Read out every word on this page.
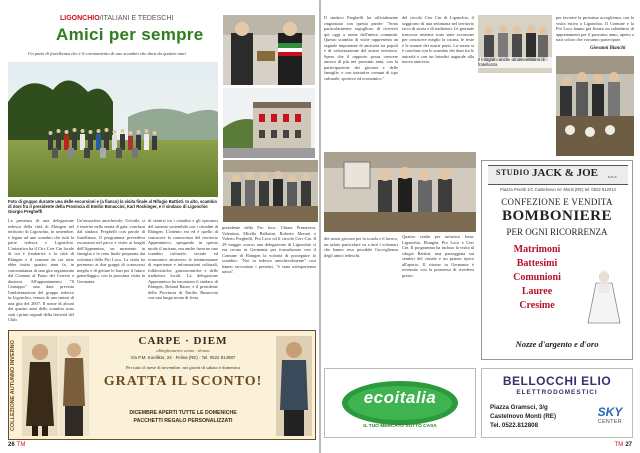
LIGONCHIO/ITALIANI E TEDESCHI
Amici per sempre
Un patto di fratellanza che è il coronamento di uno scambio che dura da quattro anni
Foto di gruppo durante una delle escursioni e (a fianco) la visita finale al Rifugio Battisti. In alto, scambio di doni fra il presidente della Provincia di Emilio Bonaccini, Karl Rockinger, e il sindaco di Ligonchio Giorgio Pregheffi
La presenza di una delegazione tedesca della città di Ebingen nel territorio di Ligonchio, in settembre, è legata ad uno scambio che tutti la parte tedesca e Ligonchio. L'iniziativa ha il Circ Cerr Cin locale di cui è fondatrice e la città di Ebingen e il comune da cui tutto ebbe inizio quattro anni fa, in concomitanza di una gita organizzata dal Comune al Passo del Cerreto e dintorni. All'appuntamento "Il Centappo" una data prevista l'ambientazione del gruppo tedesco in Ligonchio, venuto di una sintesi di una gita del 2007. Il nome di alcuni dei quattro anni dello scambio sono stati i primi segnali della festività del Club.
Un'atmosfera amichevole, Un'utile, si è inserito nella serata di gala, conclusa dal sindaco Pregheffi con parole di fratellanza. Il programma prevedeva escursioni nel parco e visite ai borghi dell'Appennino, un momento in famiglia e la cena finale preparata dai volontari della Pro Loco. La visita ha permesso ai due gruppi di conoscersi meglio e di gettare le basi per il futuro gemellaggio, con la prossima visita in Germania.
di sentirsi tra i cittadini e gli operatori del turismo sostenibile con i cittadini di Ebingen. L'intento era ed è quello di conoscere la conoscenza del territorio Appenninico, spiegando in questo modo il turismo, ma anche favorire uno scambio culturale, sociale ed economico attraverso le testimonianze di esperienze e informazioni culturali, folkloristiche, gastronomiche e delle tradizioni locali. La delegazione Appenninica ha incontrato il sindaco di Ebingen, Roland Bauer, e il presidente della Provincia di Emilio Bonaccini con una lunga serata di festa.
presidente della Pro loco, Chiara Primavera, Valentina, Mirella Ballarini, Roberto Moroni e Valerio Pregheffi, Pro Loco ed il circolo Cerr Cin. Il 29 maggio scorso una delegazione di Ligonchio si era recata in Germania per formalizzare con il Comune di Ebingen la volontà di proseguire lo scambio: "Noi in tedesco amichevolmente" così hanno raccontato i presenti, "è stata un'esperienza unica".
COLLEZIONE AUTUNNO INVERNO	CARPE · DIEM
abbigliamento uomo - donna
Via P.M. Koelliker, 24 - Felina (RE) · Tel. 0522 814987
Per tutto il mese di novembre, nei giorni di sabato e domenica
GRATTA IL SCONTO!
DICEMBRE APERTI TUTTE LE DOMENICHE
PACCHETTI REGALO PERSONALIZZATI
26 TM
Il sindaco Pregheffi ha ufficialmente ringraziato con questa parole: "Sono particolarmente orgoglioso di riceverti qui oggi a nome dell'intera comunità. Questo scambio di visite rappresenta un segnale importante di amicizia tra popoli e di valorizzazione del nostro territorio. Spero che il rapporto possa crescere ancora di più nei prossimi anni, con la partecipazione dei giovani e delle famiglie, e con iniziative comuni di tipo culturale, sportivo ed economico."
del circolo Cerr Cin di Ligonchio, il soggiorno di una settimana nel territorio ricco di storia e di tradizioni. Le giornate trascorse insieme sono state occasione per conoscere meglio la cucina, le feste e le usanze dei nostri paesi. La serata si è conclusa con lo scambio dei doni fra le autorità e con un brindisi augurale alla nuova amicizia.	Il fotografo anche un anniversario di fratellanza
per favorire la prossima accoglienza, con la visita estiva a Ligonchio. Il Comune e la Pro Loco hanno già fissato un calendario di appuntamenti per il prossimo anno, aperto a tutti coloro che vorranno partecipare.
Giovanni Bianchi
Quattro realtà per un'unica festa: Ligonchio, Ebingen, Pro Loco e Cerr Cin. Il programma ha incluso la visita al rifugio Battisti, una passeggiata sui sentieri del crinale e un pranzo tipico all'aperto. Il ritorno in Germania è avvenuto con la promessa di rivedersi presto.
dei nostri giovani per la scuola e il lavoro, un saluto particolare va a tutti i volontari che hanno reso possibile l'accoglienza degli amici tedeschi.
STUDIO JACK & JOE	s.n.c.
Piazza Peretti 1/C Castelnovo ne' Monti (RE) tel. 0522 812014
CONFEZIONE E VENDITA
BOMBONIERE
PER OGNI RICORRENZA
Matrimoni
Battesimi
Comunioni
Lauree
Cresime
Nozze d'argento e d'oro
ecoitalia
IL TUO MERCATO SOTTO CASA
BELLOCCHI ELIO
ELETTRODOMESTICI
Piazza Gramsci, 3/g
Castelnovo Monti (RE)
Tel. 0522.812808
SKY
CENTER
TM 27
